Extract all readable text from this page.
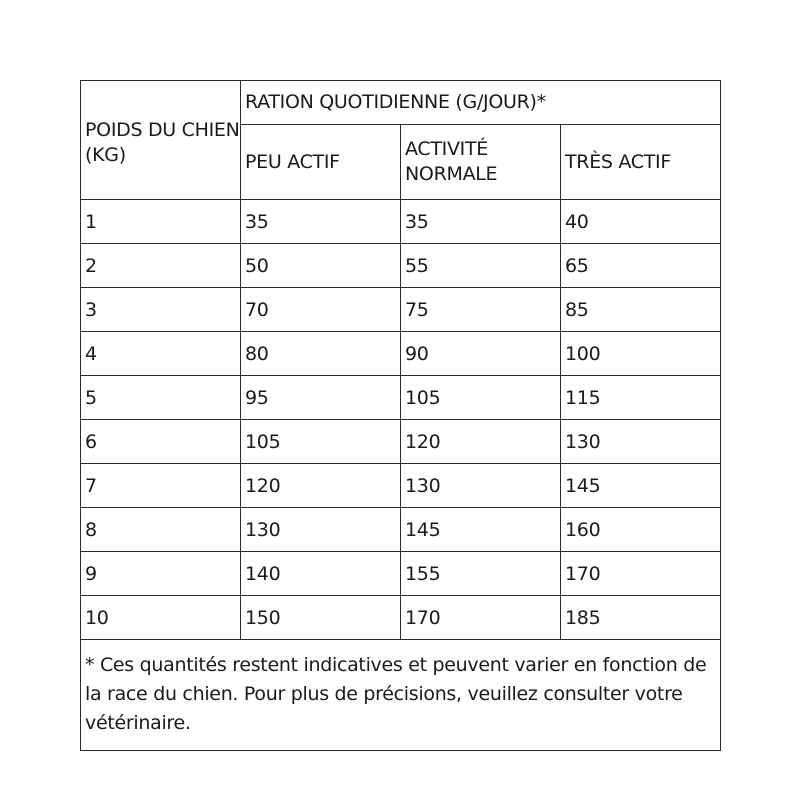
POIDS DU CHIEN (KG)	RATION QUOTIDIENNE (G/JOUR)*		
	PEU ACTIF	ACTIVITÉ NORMALE	TRÈS ACTIF
1	35	35	40
2	50	55	65
3	70	75	85
4	80	90	100
5	95	105	115
6	105	120	130
7	120	130	145
8	130	145	160
9	140	155	170
10	150	170	185
* Ces quantités restent indicatives et peuvent varier en fonction de la race du chien. Pour plus de précisions, veuillez consulter votre vétérinaire.			
